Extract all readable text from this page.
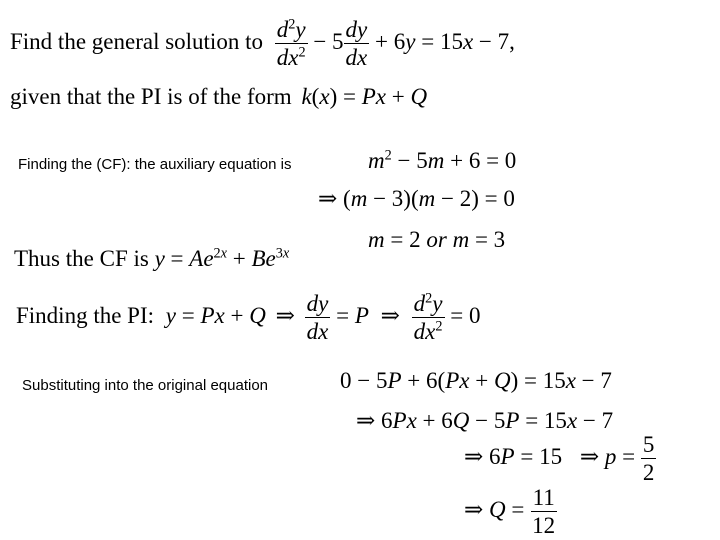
Find the general solution to $\frac{d^2y}{dx^2} - 5 \frac{dy}{dx} + 6y = 15x - 7$,
given that the PI is of the form k(x) = Px + Q
Finding the (CF): the auxiliary equation is	$m^2 - 5m + 6 = 0$
⇒ (m − 3)(m − 2) = 0
m = 2 or m = 3
Thus the CF is $y = Ae^{2x} + Be^{3x}$
Finding the PI: y = Px + Q ⇒ $\frac{dy}{dx} = P$ ⇒ $\frac{d^2y}{dx^2} = 0$
Substituting into the original equation	0 − 5P + 6(Px + Q) = 15x − 7
⇒ 6Px + 6Q − 5P = 15x − 7
⇒ 6P = 15 ⇒ $p = \frac{5}{2}$
⇒ $Q = \frac{11}{12}$
